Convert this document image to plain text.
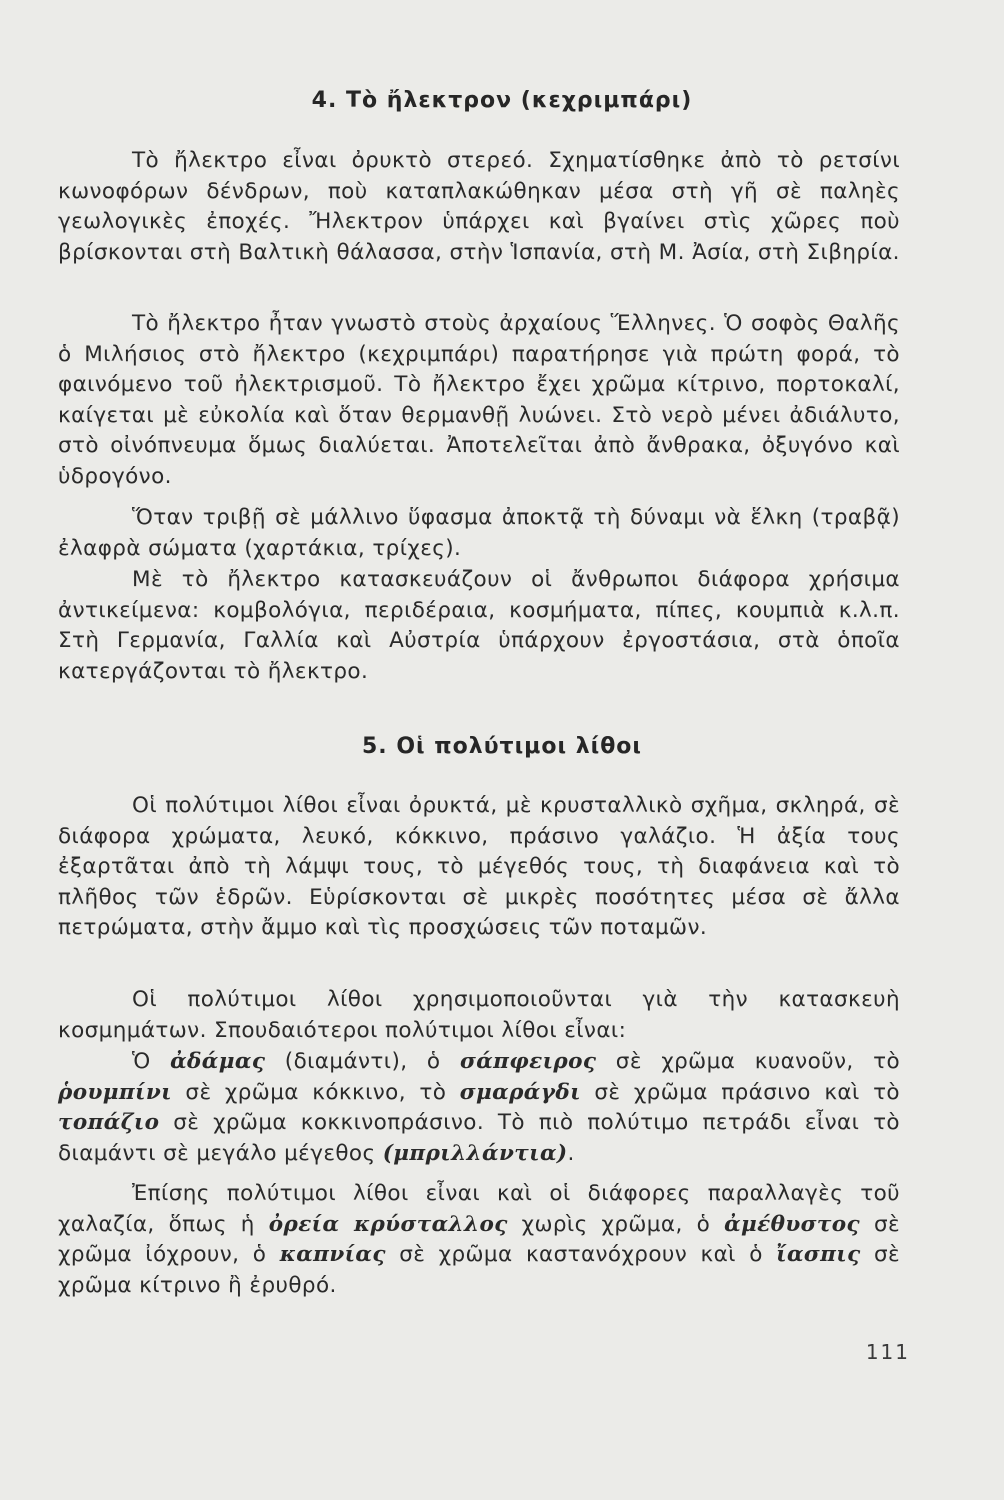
4. Τὸ ἤλεκτρον (κεχριμπάρι)

Τὸ ἤλεκτρο εἶναι ὀρυκτὸ στερεό. Σχηματίσθηκε ἀπὸ τὸ ρετσίνι κωνοφόρων δένδρων, ποὺ καταπλακώθηκαν μέσα στὴ γῆ σὲ παληὲς γεωλογικὲς ἐποχές. Ἤλεκτρον ὑπάρχει καὶ βγαίνει στὶς χῶρες ποὺ βρίσκονται στὴ Βαλτικὴ θάλασσα, στὴν Ἱσπανία, στὴ Μ. Ἀσία, στὴ Σιβηρία.

Τὸ ἤλεκτρο ἦταν γνωστὸ στοὺς ἀρχαίους Ἕλληνες. Ὁ σοφὸς Θαλῆς ὁ Μιλήσιος στὸ ἤλεκτρο (κεχριμπάρι) παρατήρησε γιὰ πρώτη φορά, τὸ φαινόμενο τοῦ ἠλεκτρισμοῦ. Τὸ ἤλεκτρο ἔχει χρῶμα κίτρινο, πορτοκαλί, καίγεται μὲ εὐκολία καὶ ὅταν θερμανθῇ λυώνει. Στὸ νερὸ μένει ἀδιάλυτο, στὸ οἰνόπνευμα ὅμως διαλύεται. Ἀποτελεῖται ἀπὸ ἄνθρακα, ὀξυγόνο καὶ ὑδρογόνο.

Ὅταν τριβῇ σὲ μάλλινο ὕφασμα ἀποκτᾷ τὴ δύναμι νὰ ἕλκη (τραβᾷ) ἐλαφρὰ σώματα (χαρτάκια, τρίχες).

Μὲ τὸ ἤλεκτρο κατασκευάζουν οἱ ἄνθρωποι διάφορα χρήσιμα ἀντικείμενα: κομβολόγια, περιδέραια, κοσμήματα, πίπες, κουμπιὰ κ.λ.π. Στὴ Γερμανία, Γαλλία καὶ Αὐστρία ὑπάρχουν ἐργοστάσια, στὰ ὁποῖα κατεργάζονται τὸ ἤλεκτρο.

5. Οἱ πολύτιμοι λίθοι

Οἱ πολύτιμοι λίθοι εἶναι ὀρυκτά, μὲ κρυσταλλικὸ σχῆμα, σκληρά, σὲ διάφορα χρώματα, λευκό, κόκκινο, πράσινο γαλάζιο. Ἡ ἀξία τους ἐξαρτᾶται ἀπὸ τὴ λάμψι τους, τὸ μέγεθός τους, τὴ διαφάνεια καὶ τὸ πλῆθος τῶν ἑδρῶν. Εὑρίσκονται σὲ μικρὲς ποσότητες μέσα σὲ ἄλλα πετρώματα, στὴν ἄμμο καὶ τὶς προσχώσεις τῶν ποταμῶν.

Οἱ πολύτιμοι λίθοι χρησιμοποιοῦνται γιὰ τὴν κατασκευὴ κοσμημάτων. Σπουδαιότεροι πολύτιμοι λίθοι εἶναι:

Ὁ ἀδάμας (διαμάντι), ὁ σάπφειρος σὲ χρῶμα κυανοῦν, τὸ ῥουμπίνι σὲ χρῶμα κόκκινο, τὸ σμαράγδι σὲ χρῶμα πράσινο καὶ τὸ τοπάζιο σὲ χρῶμα κοκκινοπράσινο. Τὸ πιὸ πολύτιμο πετράδι εἶναι τὸ διαμάντι σὲ μεγάλο μέγεθος (μπριλλάντια).

Ἐπίσης πολύτιμοι λίθοι εἶναι καὶ οἱ διάφορες παραλλαγὲς τοῦ χαλαζία, ὅπως ἡ ὀρεία κρύσταλλος χωρὶς χρῶμα, ὁ ἀμέθυστος σὲ χρῶμα ἰόχρουν, ὁ καπνίας σὲ χρῶμα καστανόχρουν καὶ ὁ ἴασπις σὲ χρῶμα κίτρινο ἢ ἐρυθρό.

111
